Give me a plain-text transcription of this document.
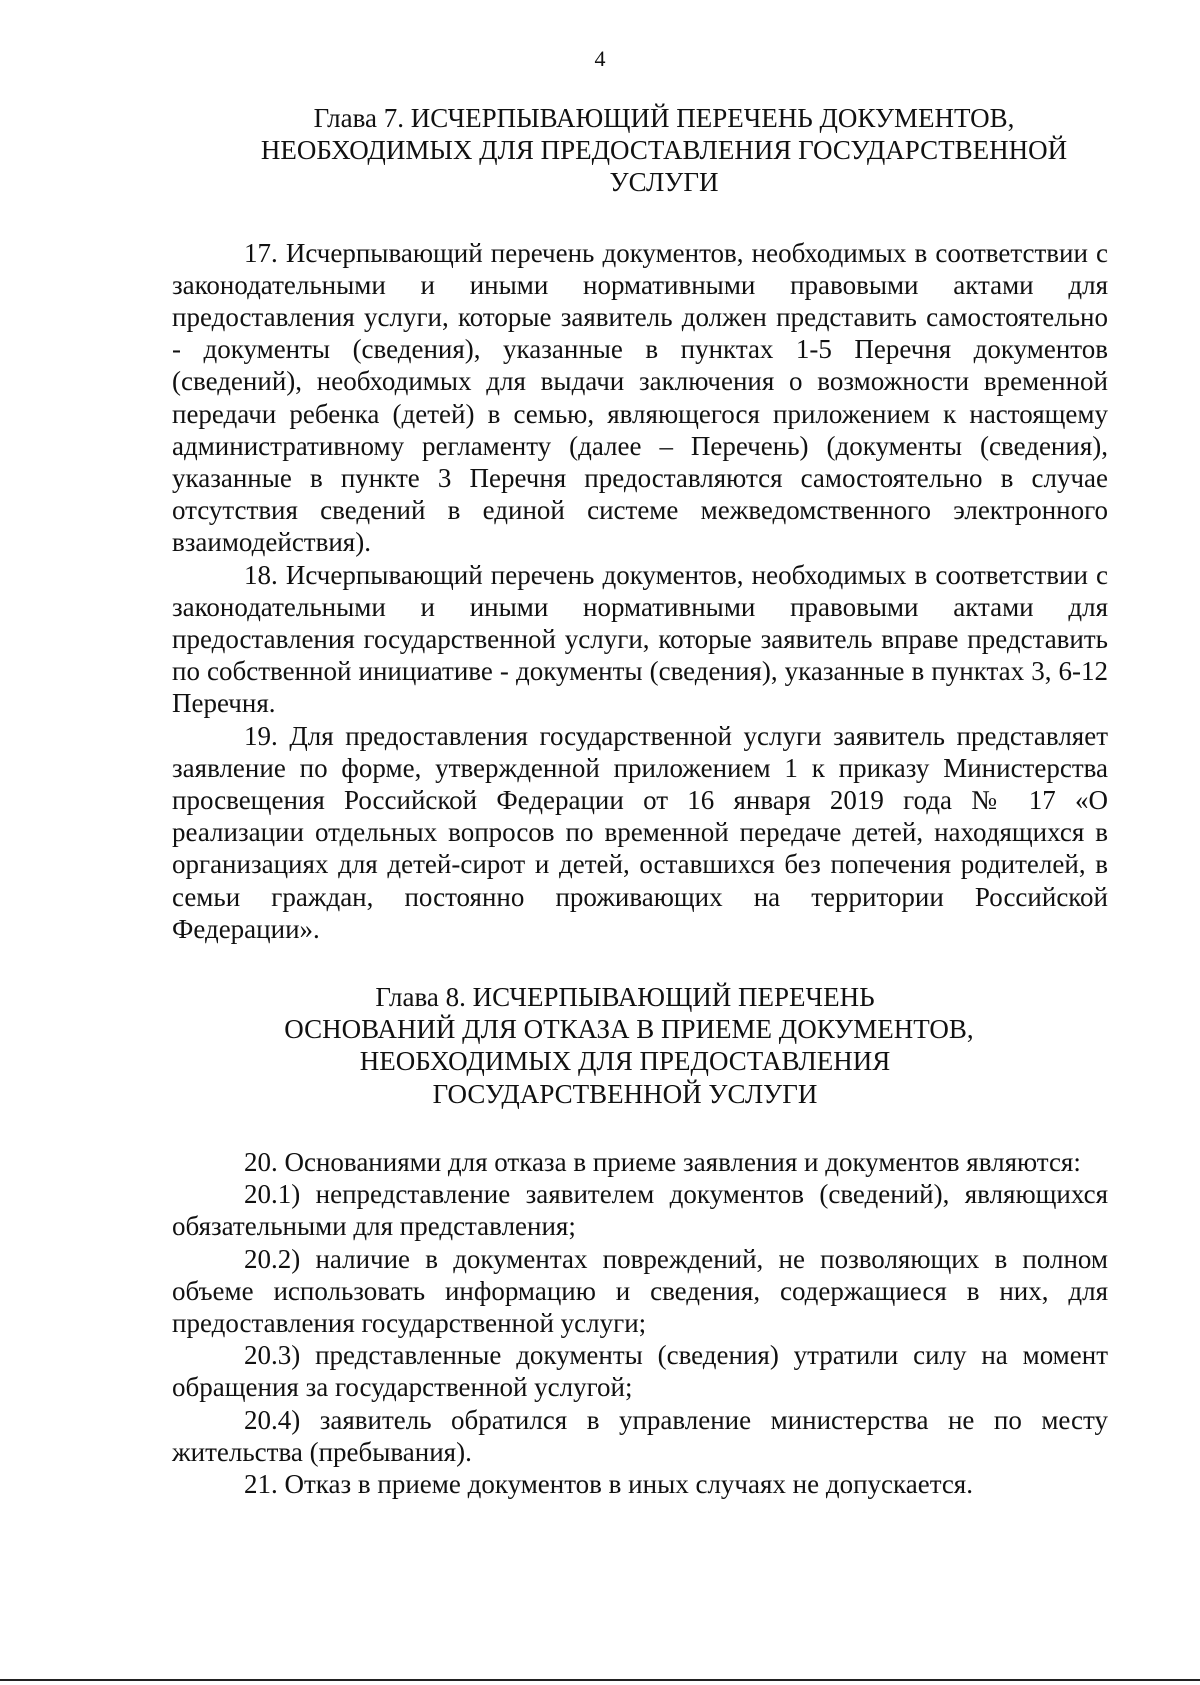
4
Глава 7. ИСЧЕРПЫВАЮЩИЙ ПЕРЕЧЕНЬ ДОКУМЕНТОВ,
НЕОБХОДИМЫХ ДЛЯ ПРЕДОСТАВЛЕНИЯ ГОСУДАРСТВЕННОЙ
УСЛУГИ

17. Исчерпывающий перечень документов, необходимых в соответствии с законодательными и иными нормативными правовыми актами для предоставления услуги, которые заявитель должен представить самостоятельно - документы (сведения), указанные в пунктах 1-5 Перечня документов (сведений), необходимых для выдачи заключения о возможности временной передачи ребенка (детей) в семью, являющегося приложением к настоящему административному регламенту (далее – Перечень) (документы (сведения), указанные в пункте 3 Перечня предоставляются самостоятельно в случае отсутствия сведений в единой системе межведомственного электронного взаимодействия).

18. Исчерпывающий перечень документов, необходимых в соответствии с законодательными и иными нормативными правовыми актами для предоставления государственной услуги, которые заявитель вправе представить по собственной инициативе - документы (сведения), указанные в пунктах 3, 6-12 Перечня.

19. Для предоставления государственной услуги заявитель представляет заявление по форме, утвержденной приложением 1 к приказу Министерства просвещения Российской Федерации от 16 января 2019 года № 17 «О реализации отдельных вопросов по временной передаче детей, находящихся в организациях для детей-сирот и детей, оставшихся без попечения родителей, в семьи граждан, постоянно проживающих на территории Российской Федерации».

Глава 8. ИСЧЕРПЫВАЮЩИЙ ПЕРЕЧЕНЬ
ОСНОВАНИЙ ДЛЯ ОТКАЗА В ПРИЕМЕ ДОКУМЕНТОВ,
НЕОБХОДИМЫХ ДЛЯ ПРЕДОСТАВЛЕНИЯ
ГОСУДАРСТВЕННОЙ УСЛУГИ

20. Основаниями для отказа в приеме заявления и документов являются:

20.1) непредставление заявителем документов (сведений), являющихся обязательными для представления;

20.2) наличие в документах повреждений, не позволяющих в полном объеме использовать информацию и сведения, содержащиеся в них, для предоставления государственной услуги;

20.3) представленные документы (сведения) утратили силу на момент обращения за государственной услугой;

20.4) заявитель обратился в управление министерства не по месту жительства (пребывания).

21. Отказ в приеме документов в иных случаях не допускается.
